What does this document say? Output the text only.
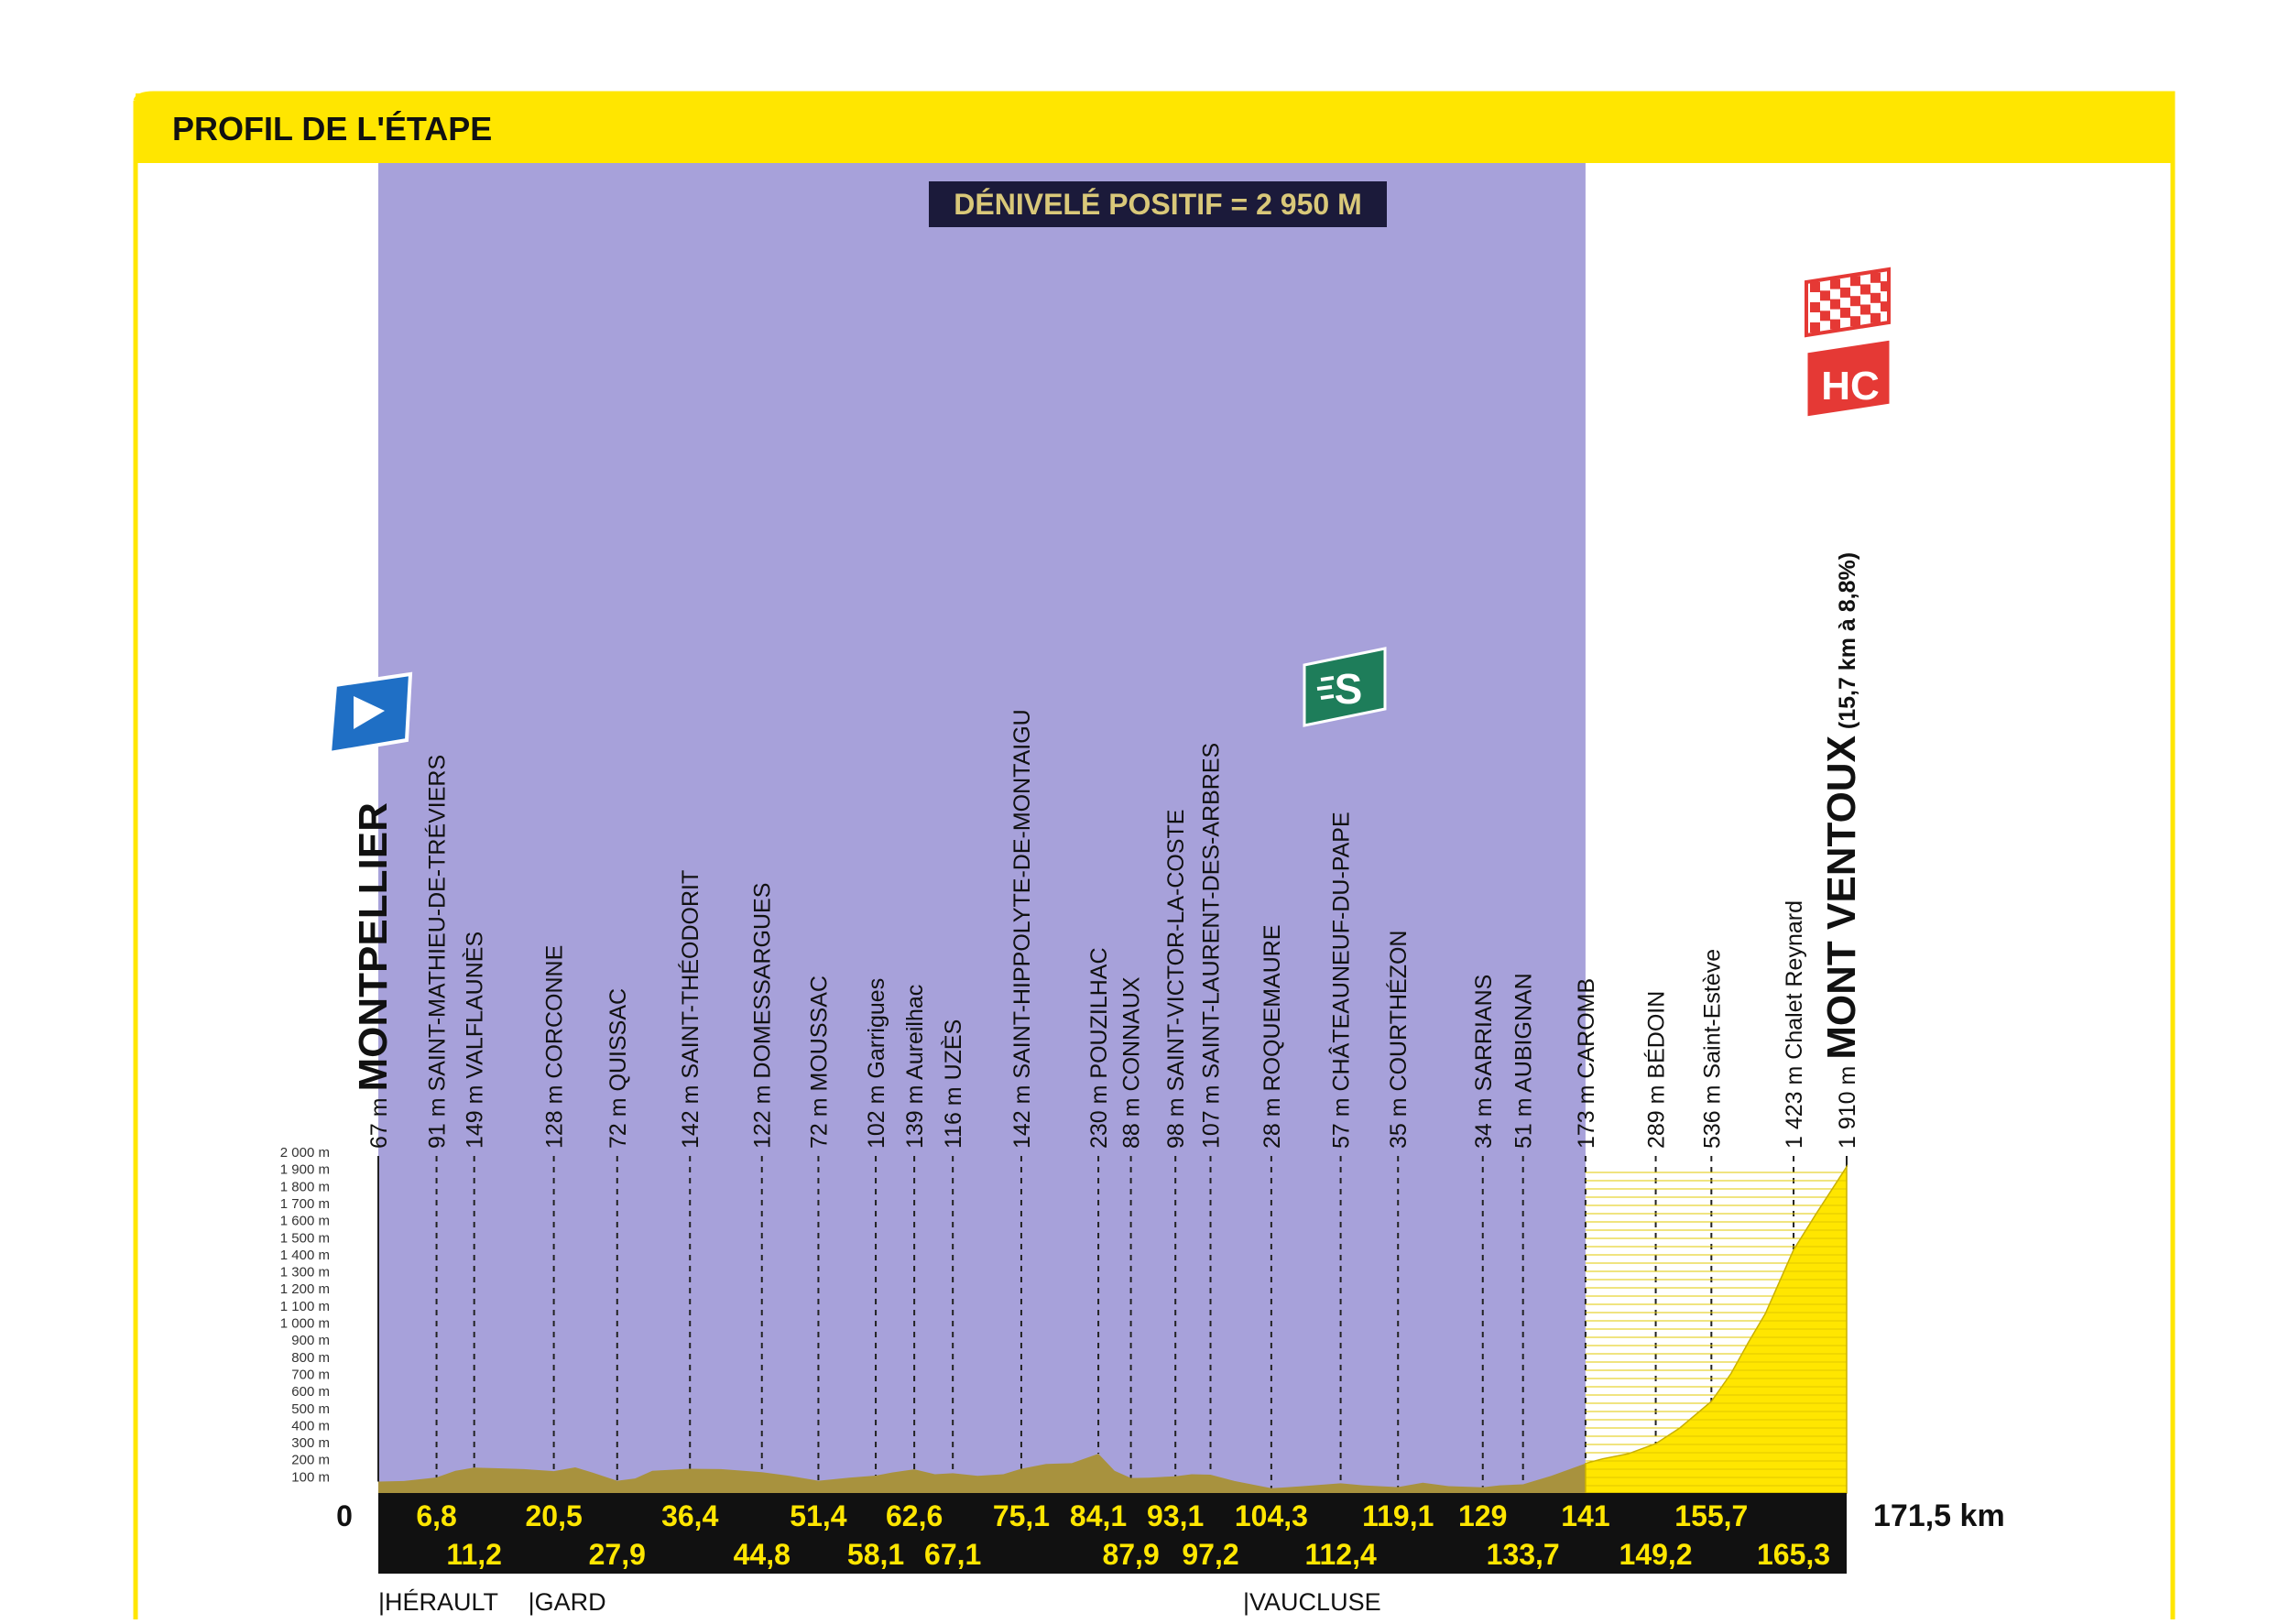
PROFIL DE L'ÉTAPE
DÉNIVELÉ POSITIF = 2 950 M
2 000 m
1 900 m
1 800 m
1 700 m
1 600 m
1 500 m
1 400 m
1 300 m
1 200 m
1 100 m
1 000 m
900 m
800 m
700 m
600 m
500 m
400 m
300 m
200 m
100 m
67 m MONTPELLIER
91 m SAINT-MATHIEU-DE-TRÉVIERS
149 m VALFLAUNÈS
128 m CORCONNE
72 m QUISSAC
142 m SAINT-THÉODORIT
122 m DOMESSARGUES
72 m MOUSSAC
102 m Garrigues
139 m Aureilhac
116 m UZÈS
142 m SAINT-HIPPOLYTE-DE-MONTAIGU
230 m POUZILHAC
88 m CONNAUX
98 m SAINT-VICTOR-LA-COSTE
107 m SAINT-LAURENT-DES-ARBRES
28 m ROQUEMAURE
57 m CHÂTEAUNEUF-DU-PAPE
35 m COURTHÉZON
34 m SARRIANS
51 m AUBIGNAN
173 m CAROMB
289 m BÉDOIN
536 m Saint-Estève
1 423 m Chalet Reynard
1 910 m MONT VENTOUX (15,7 km à 8,8%)
6,8 20,5	36,4 51,4 62,6 75,1 84,1 93,1 104,3 119,1 129 141 155,7
11,2	27,9	44,8 58,1 67,1	87,9 97,2 112,4	133,7 149,2 165,3
0	171,5 km
|HÉRAULT |GARD	|VAUCLUSE
S
HC
